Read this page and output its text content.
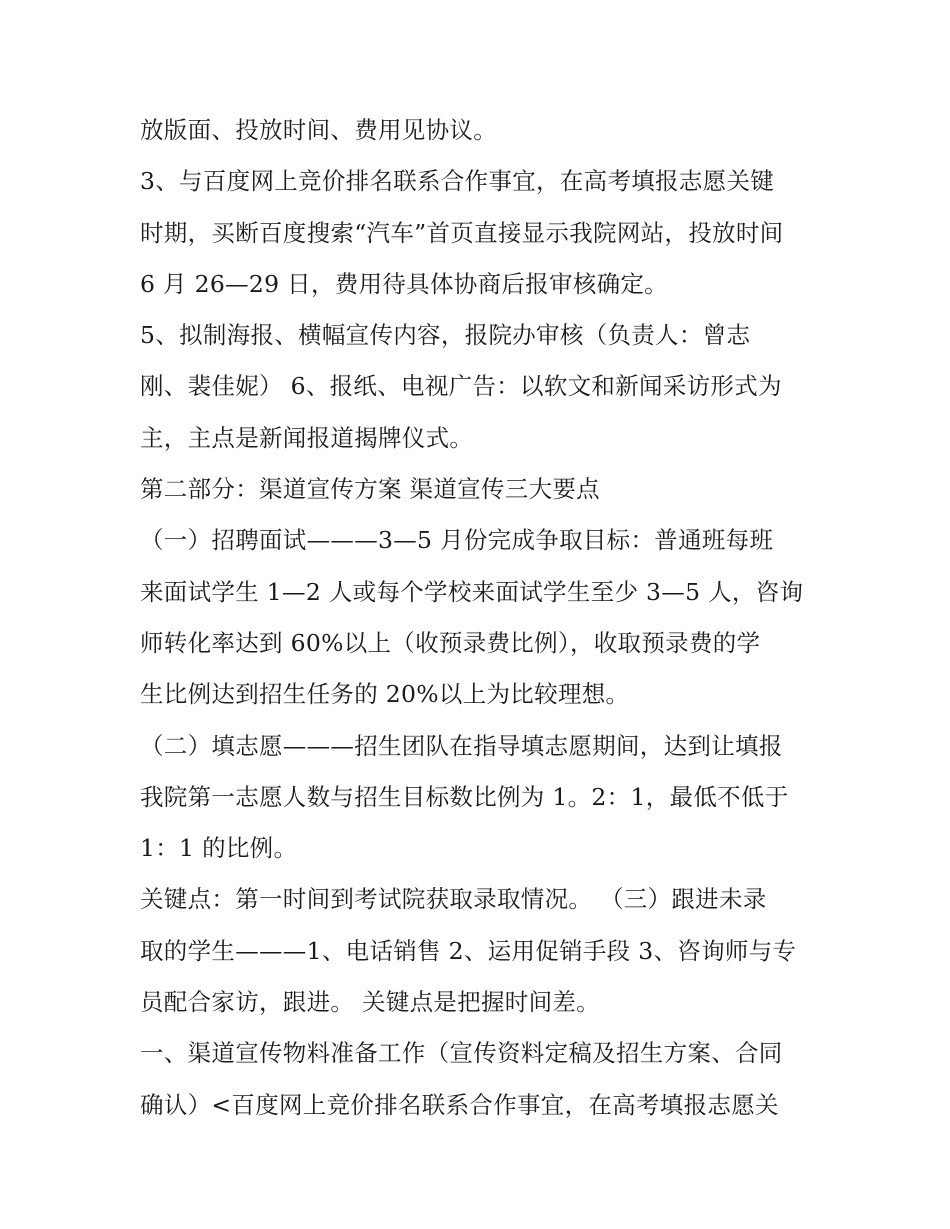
放版面、投放时间、费用见协议。
3、与百度网上竞价排名联系合作事宜，在高考填报志愿关键
时期，买断百度搜索“汽车”首页直接显示我院网站，投放时间
6 月 26—29 日，费用待具体协商后报审核确定。
5、拟制海报、横幅宣传内容，报院办审核（负责人：曾志
刚、裴佳妮） 6、报纸、电视广告：以软文和新闻采访形式为
主，主点是新闻报道揭牌仪式。
第二部分：渠道宣传方案 渠道宣传三大要点
（一）招聘面试———3—5 月份完成争取目标：普通班每班
来面试学生 1—2 人或每个学校来面试学生至少 3—5 人，咨询
师转化率达到 60%以上（收预录费比例），收取预录费的学
生比例达到招生任务的 20%以上为比较理想。
（二）填志愿———招生团队在指导填志愿期间，达到让填报
我院第一志愿人数与招生目标数比例为 1。2：1，最低不低于
1：1 的比例。
关键点：第一时间到考试院获取录取情况。 （三）跟进未录
取的学生———1、电话销售 2、运用促销手段 3、咨询师与专
员配合家访，跟进。 关键点是把握时间差。
一、渠道宣传物料准备工作（宣传资料定稿及招生方案、合同
确认）<百度网上竞价排名联系合作事宜，在高考填报志愿关
